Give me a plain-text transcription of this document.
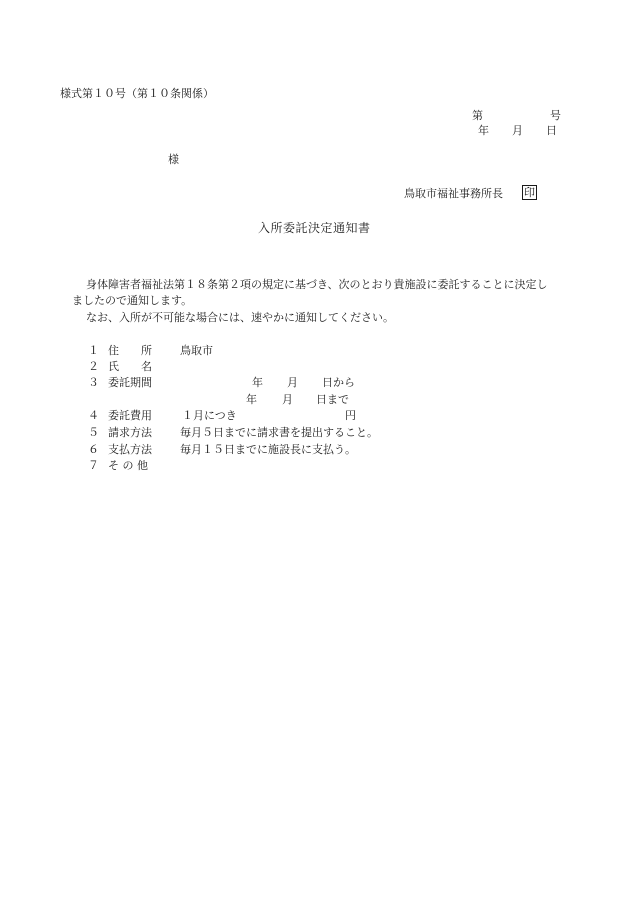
様式第１０号（第１０条関係）
第	号
年 月 日
様
鳥取市福祉事務所長 印
入所委託決定通知書
身体障害者福祉法第１８条第２項の規定に基づき、次のとおり貴施設に委託することに決定し
ましたので通知します。
なお、入所が不可能な場合には、速やかに通知してください。
１ 住　　所	鳥取市
２ 氏　　名
３ 委託期間	年 月 日から
年 月 日まで
４ 委託費用	１月につき	円
５ 請求方法	毎月５日までに請求書を提出すること。
６ 支払方法	毎月１５日までに施設長に支払う。
７ そ の 他
